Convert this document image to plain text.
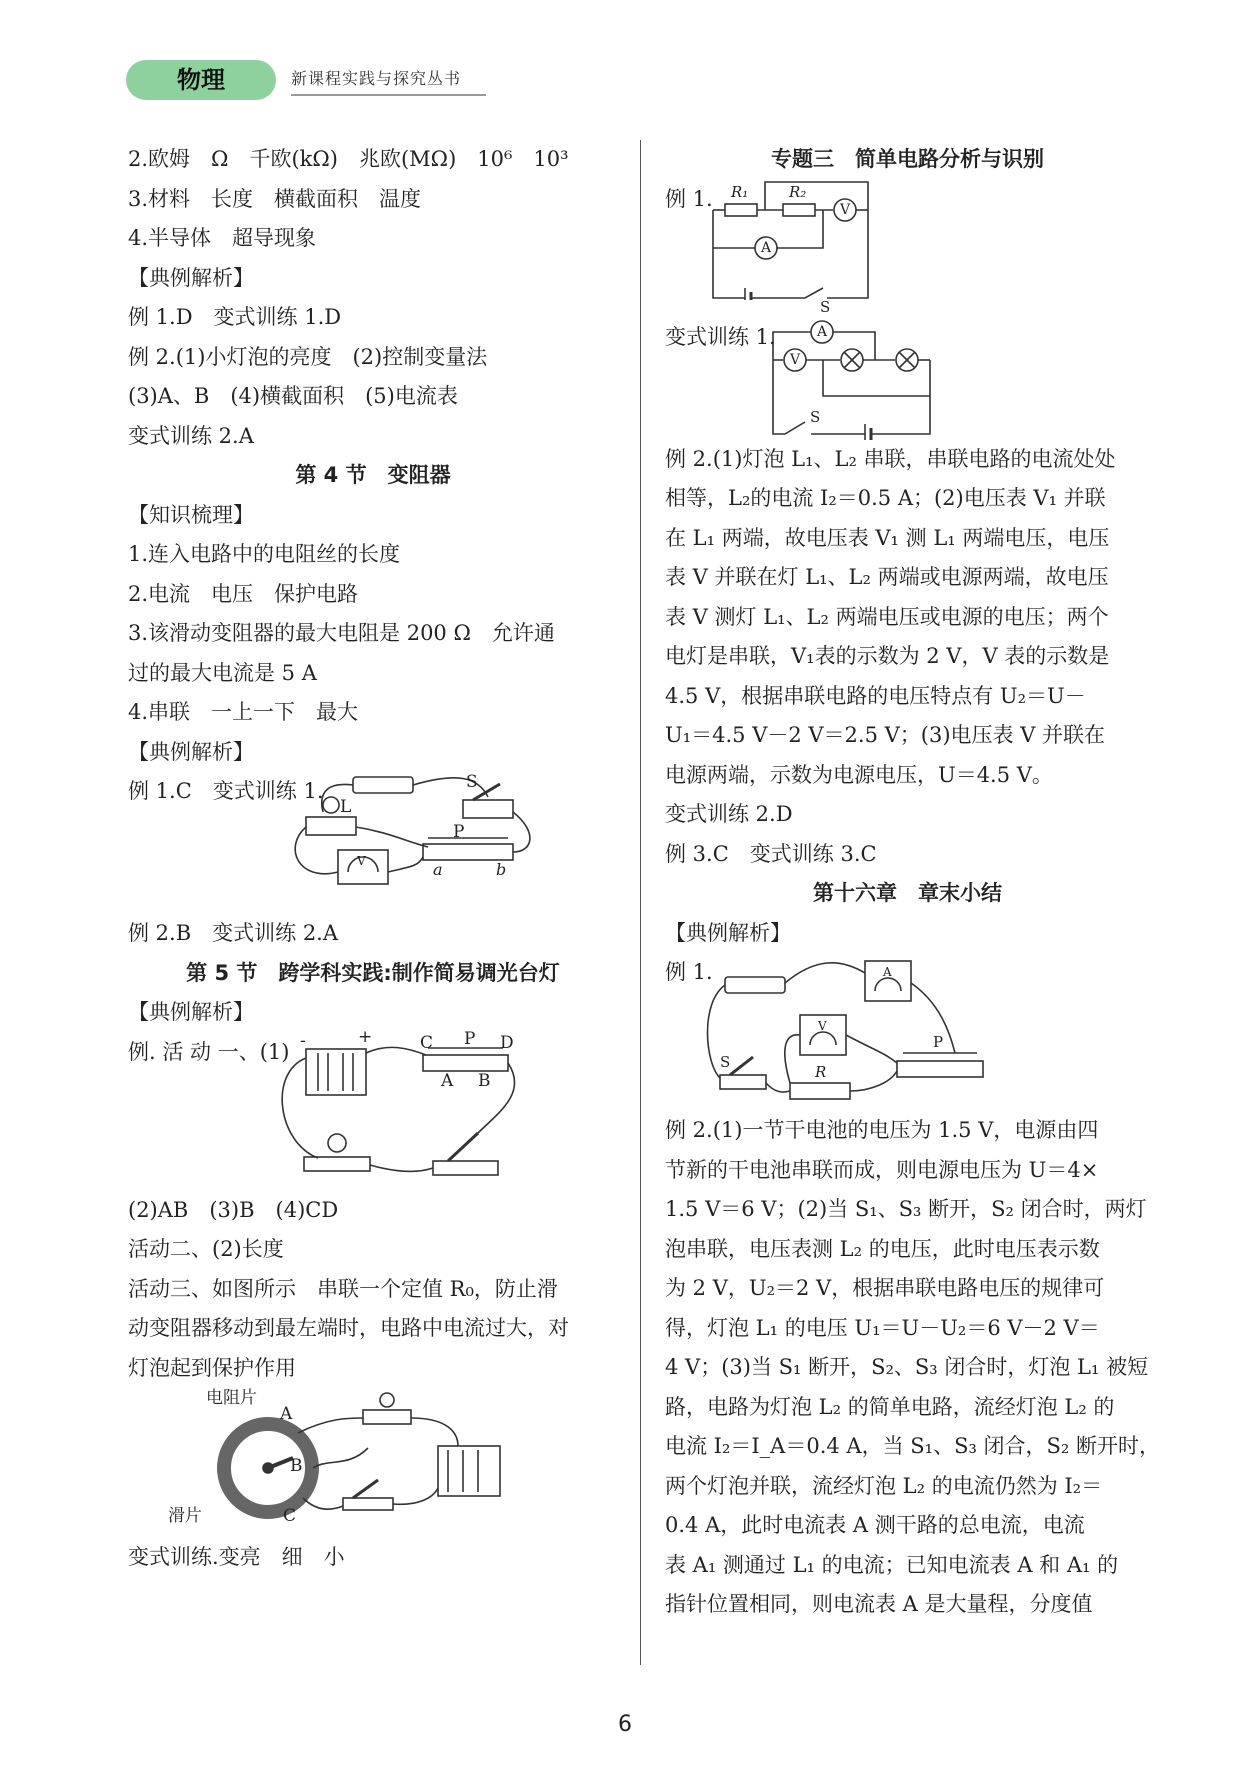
物理	新课程实践与探究丛书
2.欧姆　Ω　千欧(kΩ)　兆欧(MΩ)　10⁶　10³
3.材料　长度　横截面积　温度
4.半导体　超导现象
【典例解析】
例 1.D　变式训练 1.D
例 2.(1)小灯泡的亮度　(2)控制变量法
(3)A、B　(4)横截面积　(5)电流表
变式训练 2.A
第 4 节　变阻器
【知识梳理】
1.连入电路中的电阻丝的长度
2.电流　电压　保护电路
3.该滑动变阻器的最大电阻是 200 Ω　允许通
过的最大电流是 5 A
4.串联　一上一下　最大
【典例解析】
例 1.C　变式训练 1.
L
S
P
a	b
V
例 2.B　变式训练 2.A
第 5 节　跨学科实践:制作简易调光台灯
【典例解析】
例. 活 动 一、(1)	C P D
A B
-	+
(2)AB　(3)B　(4)CD
活动二、(2)长度
活动三、如图所示　串联一个定值 R₀，防止滑
动变阻器移动到最左端时，电路中电流过大，对
灯泡起到保护作用
电阻片
滑片
A
B
C
变式训练.变亮　细　小
专题三　简单电路分析与识别
例 1. R₁	R₂
V
A
S
变式训练 1.	A
V
S
例 2.(1)灯泡 L₁、L₂ 串联，串联电路的电流处处
相等，L₂的电流 I₂＝0.5 A；(2)电压表 V₁ 并联
在 L₁ 两端，故电压表 V₁ 测 L₁ 两端电压，电压
表 V 并联在灯 L₁、L₂ 两端或电源两端，故电压
表 V 测灯 L₁、L₂ 两端电压或电源的电压；两个
电灯是串联，V₁表的示数为 2 V，V 表的示数是
4.5 V，根据串联电路的电压特点有 U₂＝U－
U₁＝4.5 V－2 V＝2.5 V；(3)电压表 V 并联在
电源两端，示数为电源电压，U＝4.5 V。
变式训练 2.D
例 3.C　变式训练 3.C
第十六章　章末小结
【典例解析】
例 1.	A
V
P
S
R
例 2.(1)一节干电池的电压为 1.5 V，电源由四
节新的干电池串联而成，则电源电压为 U＝4×
1.5 V＝6 V；(2)当 S₁、S₃ 断开，S₂ 闭合时，两灯
泡串联，电压表测 L₂ 的电压，此时电压表示数
为 2 V，U₂＝2 V，根据串联电路电压的规律可
得，灯泡 L₁ 的电压 U₁＝U－U₂＝6 V－2 V＝
4 V；(3)当 S₁ 断开，S₂、S₃ 闭合时，灯泡 L₁ 被短
路，电路为灯泡 L₂ 的简单电路，流经灯泡 L₂ 的
电流 I₂＝I_A＝0.4 A，当 S₁、S₃ 闭合，S₂ 断开时，
两个灯泡并联，流经灯泡 L₂ 的电流仍然为 I₂＝
0.4 A，此时电流表 A 测干路的总电流，电流
表 A₁ 测通过 L₁ 的电流；已知电流表 A 和 A₁ 的
指针位置相同，则电流表 A 是大量程，分度值
6
